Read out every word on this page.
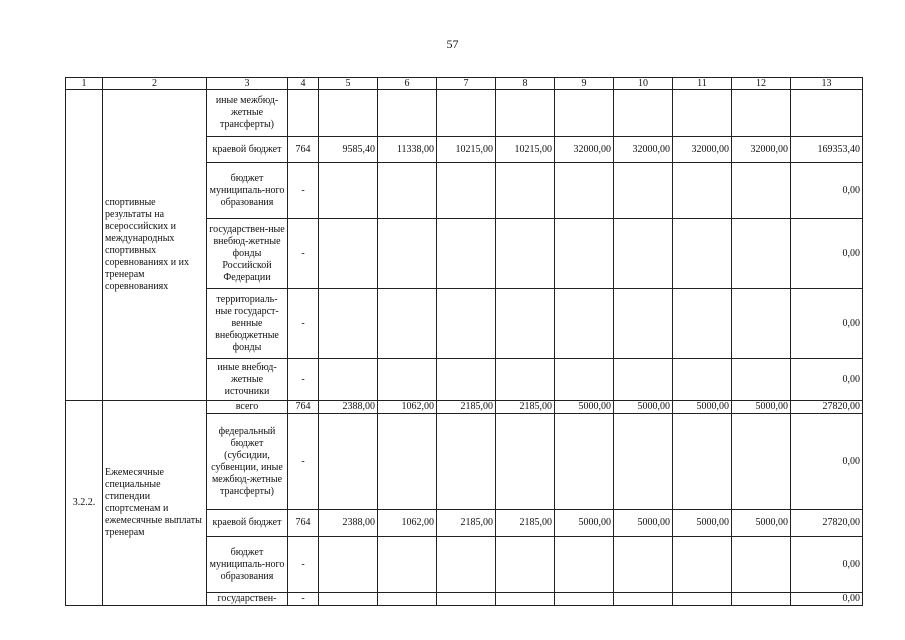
57
1	2	3	4	5	6	7	8	9	10	11	12	13
	спортивные результаты на всероссийских и международных спортивных соревнованиях и их тренерам соревнованиях	иные межбюд-жетные трансферты)										
		краевой бюджет	764	9585,40	11338,00	10215,00	10215,00	32000,00	32000,00	32000,00	32000,00	169353,40
		бюджет муниципаль-ного образования	-									0,00
		государствен-ные внебюд-жетные фонды Российской Федерации	-									0,00
		территориаль-ные государст-венные внебюджетные фонды	-									0,00
		иные внебюд-жетные источники	-									0,00
3.2.2.	Ежемесячные специальные стипендии спортсменам и ежемесячные выплаты тренерам	всего	764	2388,00	1062,00	2185,00	2185,00	5000,00	5000,00	5000,00	5000,00	27820,00
		федеральный бюджет (субсидии, субвенции, иные межбюд-жетные трансферты)	-									0,00
		краевой бюджет	764	2388,00	1062,00	2185,00	2185,00	5000,00	5000,00	5000,00	5000,00	27820,00
		бюджет муниципаль-ного образования	-									0,00
		государствен-	-									0,00
